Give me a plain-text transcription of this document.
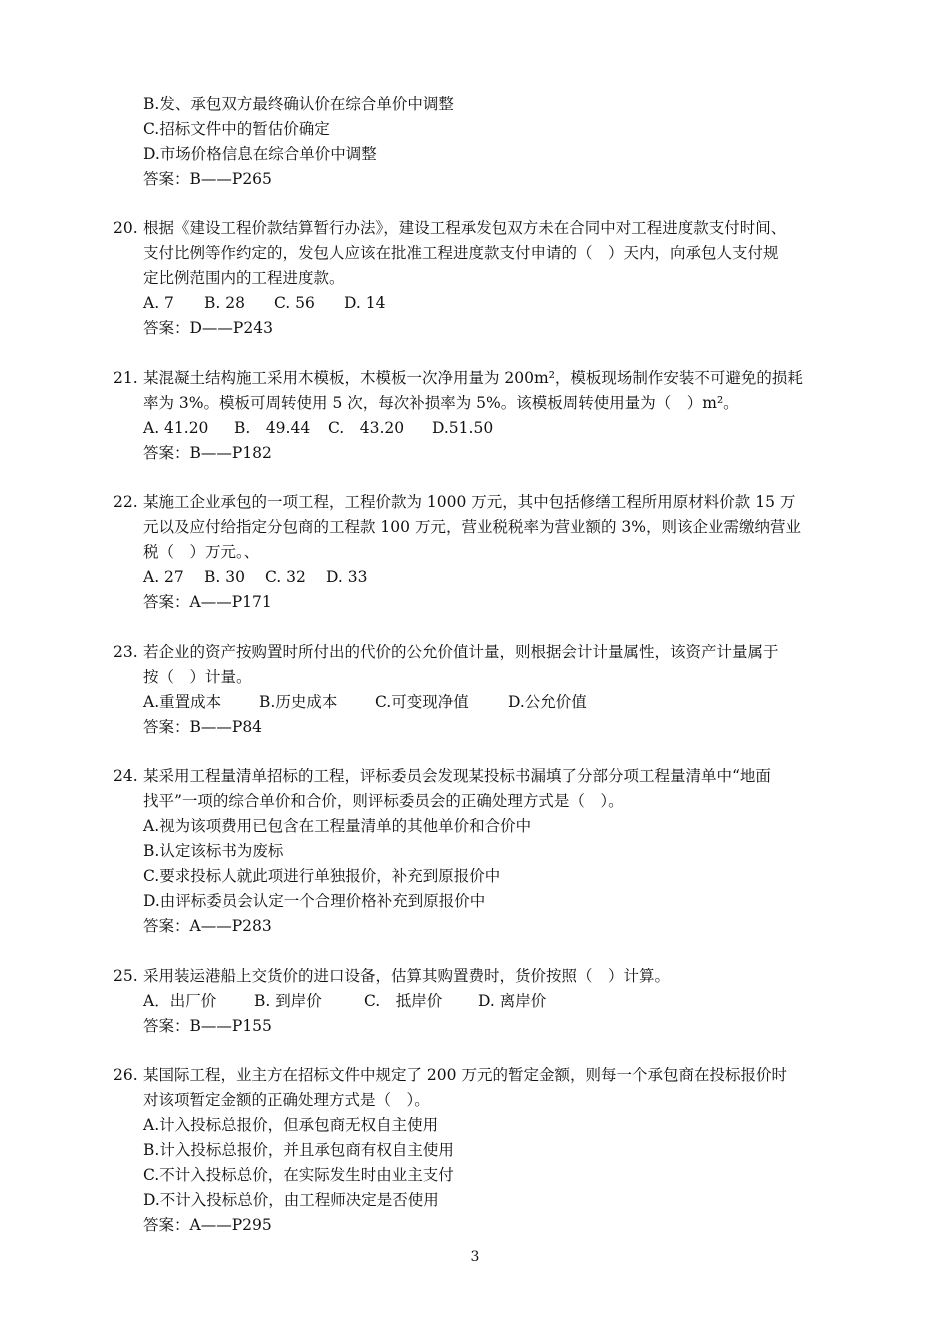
B.发、承包双方最终确认价在综合单价中调整
C.招标文件中的暂估价确定
D.市场价格信息在综合单价中调整
答案：B——P265
20. 根据《建设工程价款结算暂行办法》，建设工程承发包双方未在合同中对工程进度款支付时间、
支付比例等作约定的，发包人应该在批准工程进度款支付申请的（　）天内，向承包人支付规
定比例范围内的工程进度款。
A. 7 B. 28 C. 56 D. 14
答案：D——P243
21. 某混凝土结构施工采用木模板，木模板一次净用量为 200m²，模板现场制作安装不可避免的损耗
率为 3%。模板可周转使用 5 次，每次补损率为 5%。该模板周转使用量为（　）m²。
A. 41.20 B.　49.44 C.　43.20 D.51.50
答案：B——P182
22. 某施工企业承包的一项工程，工程价款为 1000 万元，其中包括修缮工程所用原材料价款 15 万
元以及应付给指定分包商的工程款 100 万元，营业税税率为营业额的 3%，则该企业需缴纳营业
税（　）万元。、
A. 27 B. 30 C. 32 D. 33
答案：A——P171
23. 若企业的资产按购置时所付出的代价的公允价值计量，则根据会计计量属性，该资产计量属于
按（　）计量。
A.重置成本 B.历史成本 C.可变现净值	D.公允价值
答案：B——P84
24. 某采用工程量清单招标的工程，评标委员会发现某投标书漏填了分部分项工程量清单中“地面
找平”一项的综合单价和合价，则评标委员会的正确处理方式是（　）。
A.视为该项费用已包含在工程量清单的其他单价和合价中
B.认定该标书为废标
C.要求投标人就此项进行单独报价，补充到原报价中
D.由评标委员会认定一个合理价格补充到原报价中
答案：A——P283
25. 采用装运港船上交货价的进口设备，估算其购置费时，货价按照（　）计算。
A．出厂价 B. 到岸价	C.　抵岸价 D. 离岸价
答案：B——P155
26. 某国际工程，业主方在招标文件中规定了 200 万元的暂定金额，则每一个承包商在投标报价时
对该项暂定金额的正确处理方式是（　）。
A.计入投标总报价，但承包商无权自主使用
B.计入投标总报价，并且承包商有权自主使用
C.不计入投标总价，在实际发生时由业主支付
D.不计入投标总价，由工程师决定是否使用
答案：A——P295
3
